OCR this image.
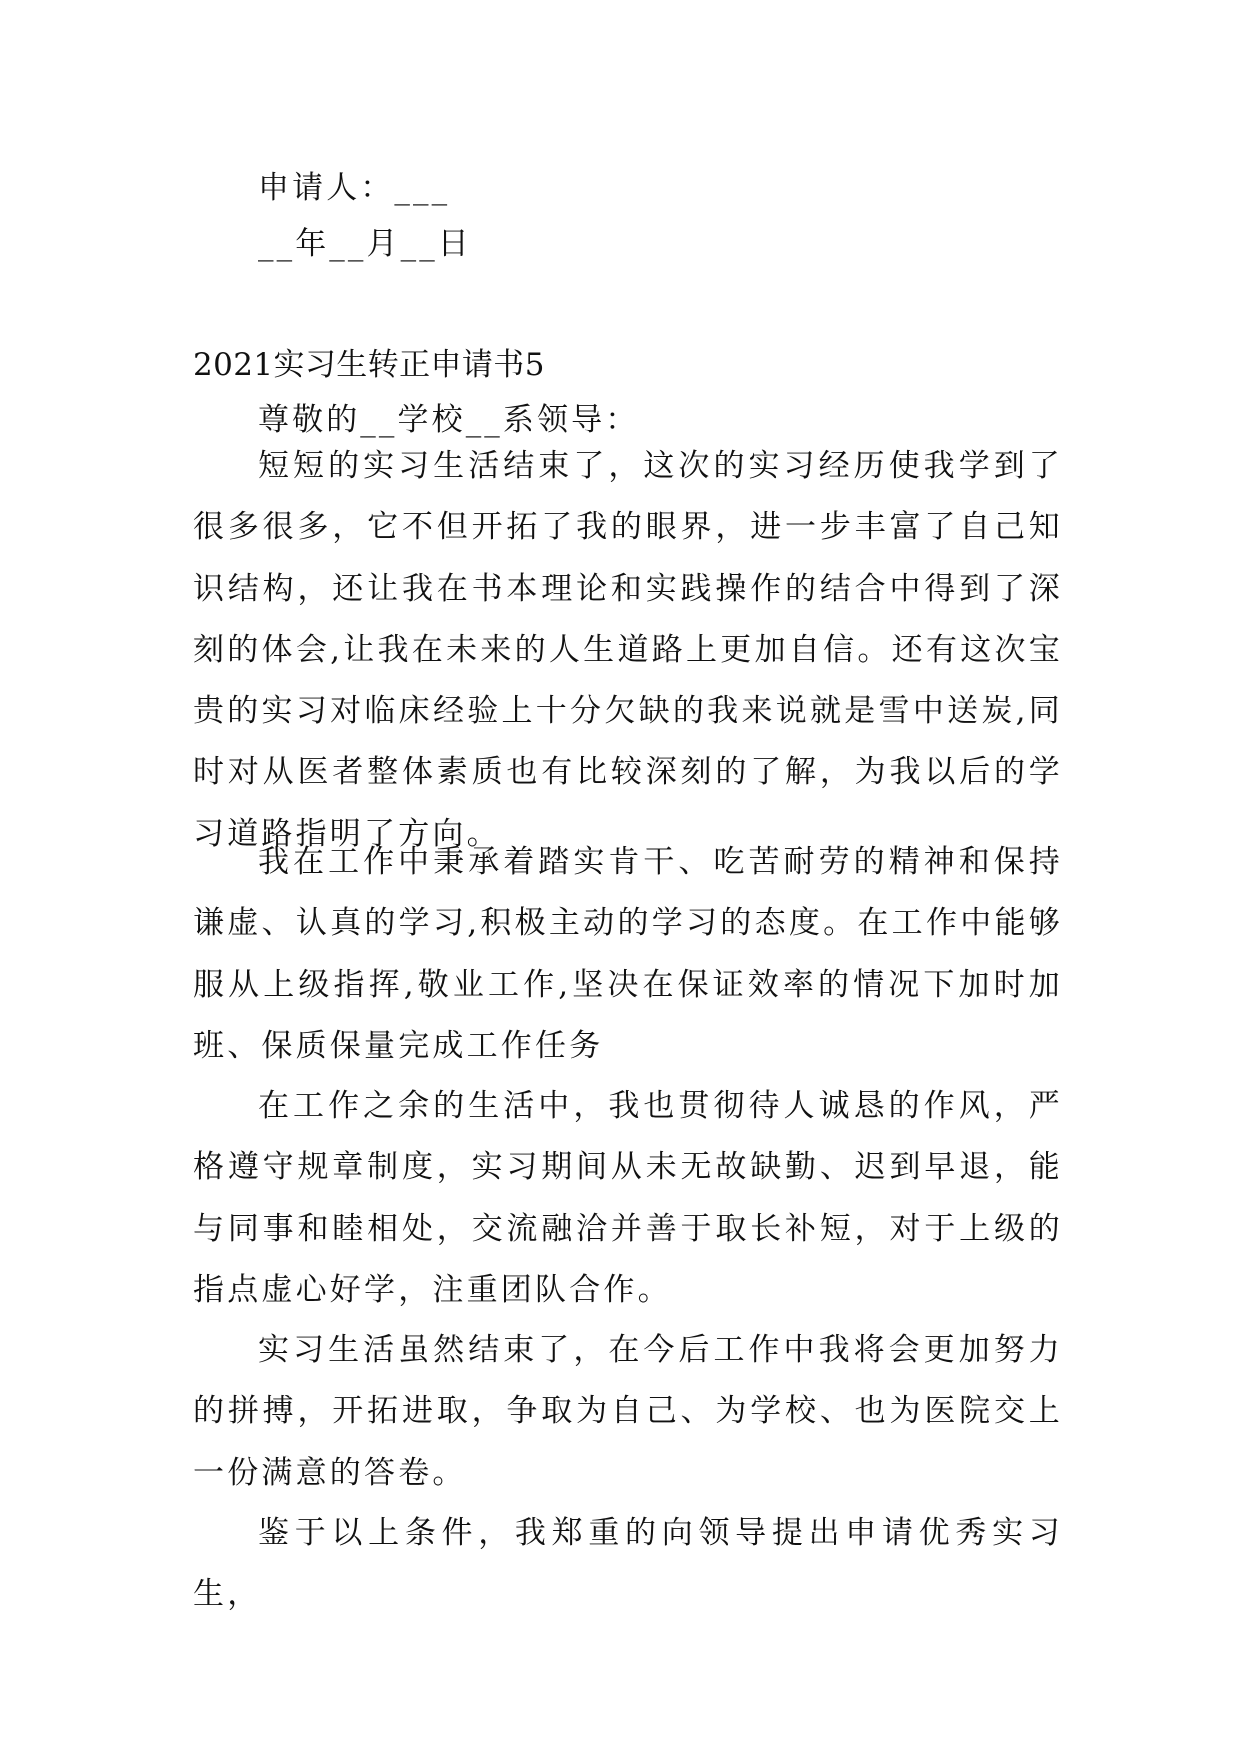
申请人：___
__年__月__日
2021实习生转正申请书5
尊敬的__学校__系领导：

短短的实习生活结束了，这次的实习经历使我学到了很多很多，它不但开拓了我的眼界，进一步丰富了自己知识结构，还让我在书本理论和实践操作的结合中得到了深刻的体会,让我在未来的人生道路上更加自信。还有这次宝贵的实习对临床经验上十分欠缺的我来说就是雪中送炭,同时对从医者整体素质也有比较深刻的了解，为我以后的学习道路指明了方向。

我在工作中秉承着踏实肯干、吃苦耐劳的精神和保持谦虚、认真的学习,积极主动的学习的态度。在工作中能够服从上级指挥,敬业工作,坚决在保证效率的情况下加时加班、保质保量完成工作任务

在工作之余的生活中，我也贯彻待人诚恳的作风，严格遵守规章制度，实习期间从未无故缺勤、迟到早退，能与同事和睦相处，交流融洽并善于取长补短，对于上级的指点虚心好学，注重团队合作。

实习生活虽然结束了，在今后工作中我将会更加努力的拼搏，开拓进取，争取为自己、为学校、也为医院交上一份满意的答卷。

鉴于以上条件，我郑重的向领导提出申请优秀实习生，
